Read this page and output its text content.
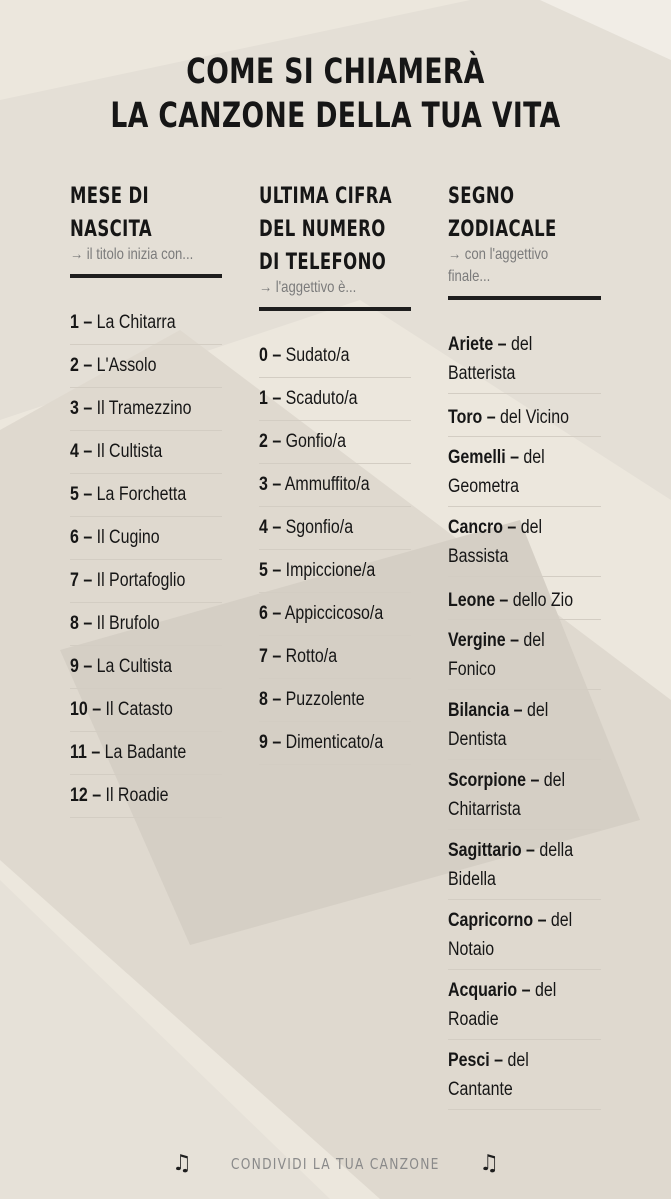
COME SI CHIAMERÀ
LA CANZONE DELLA TUA VITA
MESE DI
NASCITA
→ il titolo inizia con...
1 – La Chitarra
2 – L'Assolo
3 – Il Tramezzino
4 – Il Cultista
5 – La Forchetta
6 – Il Cugino
7 – Il Portafoglio
8 – Il Brufolo
9 – La Cultista
10 – Il Catasto
11 – La Badante
12 – Il Roadie
ULTIMA CIFRA
DEL NUMERO
DI TELEFONO
→ l'aggettivo è...
0 – Sudato/a
1 – Scaduto/a
2 – Gonfio/a
3 – Ammuffito/a
4 – Sgonfio/a
5 – Impiccione/a
6 – Appiccicoso/a
7 – Rotto/a
8 – Puzzolente
9 – Dimenticato/a
SEGNO
ZODIACALE
→ con l'aggettivo
finale...
Ariete – del Batterista
Toro – del Vicino
Gemelli – del Geometra
Cancro – del Bassista
Leone – dello Zio
Vergine – del Fonico
Bilancia – del Dentista
Scorpione – del Chitarrista
Sagittario – della Bidella
Capricorno – del Notaio
Acquario – del Roadie
Pesci – del Cantante
♫	CONDIVIDI LA TUA CANZONE ♫
